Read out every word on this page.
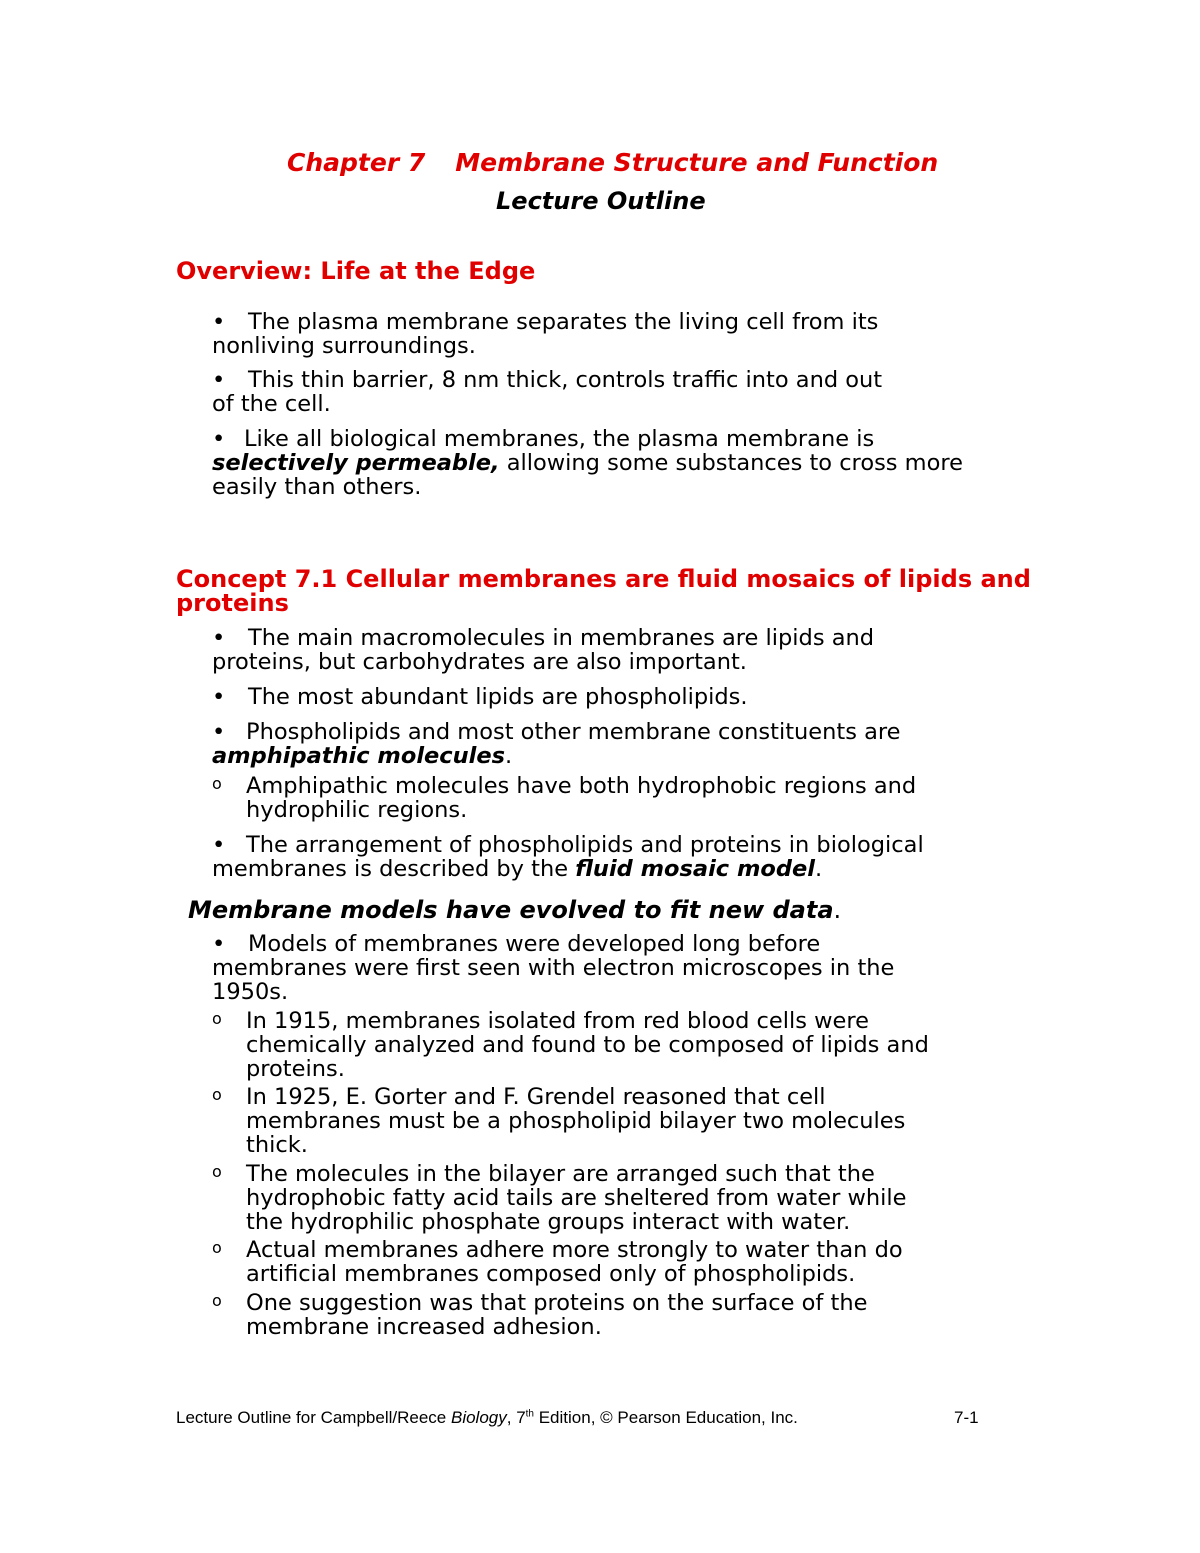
Chapter 7 Membrane Structure and Function
Lecture Outline
Overview: Life at the Edge
• The plasma membrane separates the living cell from its
nonliving surroundings.
• This thin barrier, 8 nm thick, controls traffic into and out
of the cell.
• Like all biological membranes, the plasma membrane is
selectively permeable, allowing some substances to cross more
easily than others.
Concept 7.1 Cellular membranes are fluid mosaics of lipids and
proteins
• The main macromolecules in membranes are lipids and
proteins, but carbohydrates are also important.
• The most abundant lipids are phospholipids.
• Phospholipids and most other membrane constituents are
amphipathic molecules.
o Amphipathic molecules have both hydrophobic regions and
hydrophilic regions.
• The arrangement of phospholipids and proteins in biological
membranes is described by the fluid mosaic model.
Membrane models have evolved to fit new data.
• Models of membranes were developed long before
membranes were first seen with electron microscopes in the
1950s.
o In 1915, membranes isolated from red blood cells were
chemically analyzed and found to be composed of lipids and
proteins.
o In 1925, E. Gorter and F. Grendel reasoned that cell
membranes must be a phospholipid bilayer two molecules
thick.
o The molecules in the bilayer are arranged such that the
hydrophobic fatty acid tails are sheltered from water while
the hydrophilic phosphate groups interact with water.
o Actual membranes adhere more strongly to water than do
artificial membranes composed only of phospholipids.
o One suggestion was that proteins on the surface of the
membrane increased adhesion.
Lecture Outline for Campbell/Reece Biology, 7th Edition, © Pearson Education, Inc.	7-1
